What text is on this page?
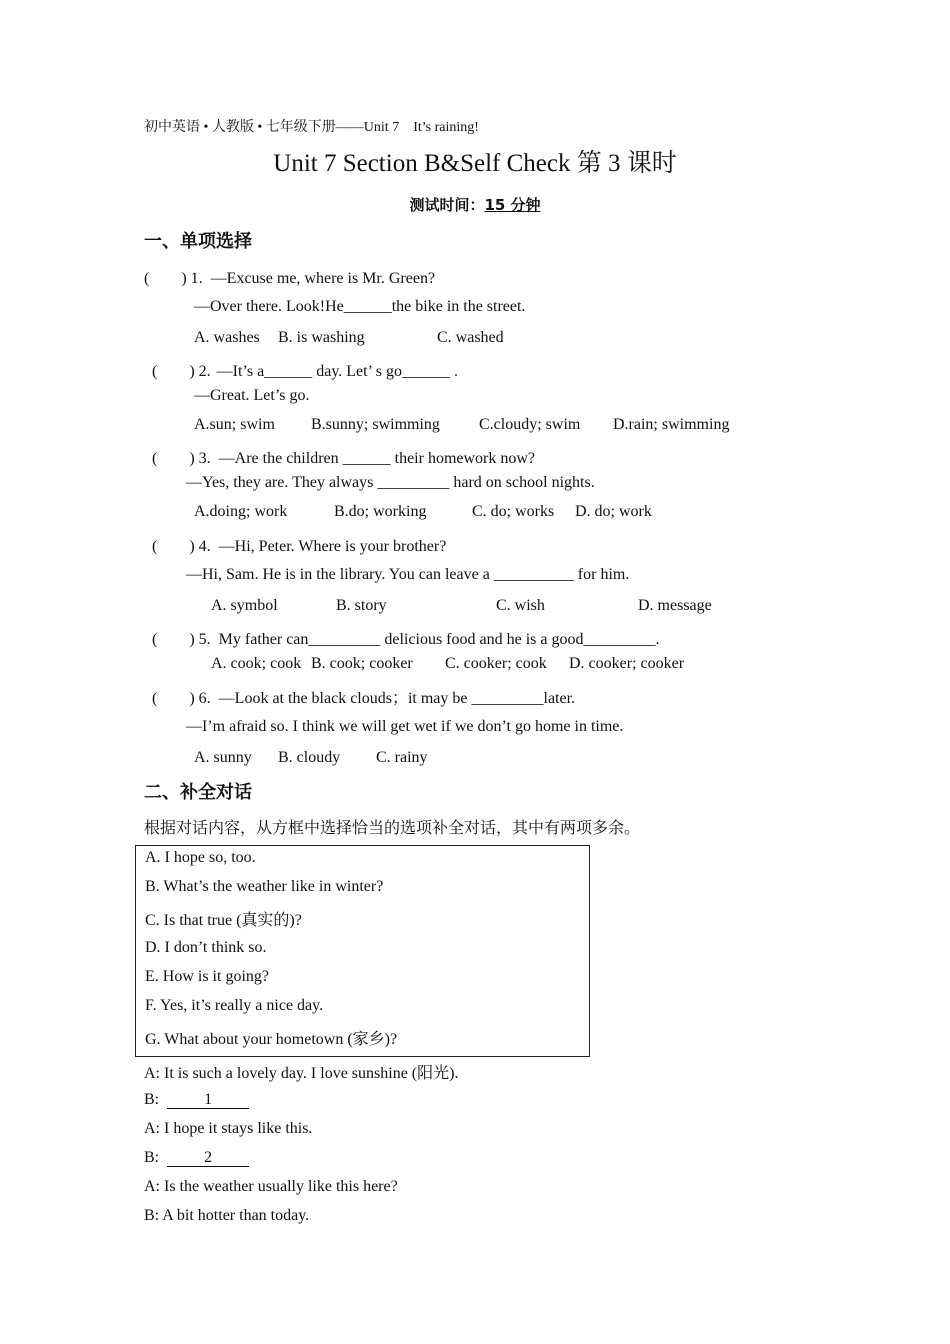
初中英语 • 人教版 • 七年级下册——Unit 7　It’s raining!
Unit 7 Section B&Self Check 第 3 课时
测试时间：15 分钟
一、单项选择
(　　) 1. —Excuse me, where is Mr. Green?
—Over there. Look!He______the bike in the street.
A. washes B. is washing	C. washed
(　　) 2. —It’s a______ day. Let’ s go______ .
—Great. Let’s go.
A.sun; swim B.sunny; swimming C.cloudy; swim D.rain; swimming
(　　) 3. —Are the children ______ their homework now?
—Yes, they are. They always _________ hard on school nights.
A.doing; work	B.do; working	C. do; works D. do; work
(　　) 4. —Hi, Peter. Where is your brother?
—Hi, Sam. He is in the library. You can leave a __________ for him.
A. symbol	B. story	C. wish	D. message
(　　) 5. My father can_________ delicious food and he is a good_________.
A. cook; cook B. cook; cooker C. cooker; cook D. cooker; cooker
(　　) 6. —Look at the black clouds；it may be _________later.
—I’m afraid so. I think we will get wet if we don’t go home in time.
A. sunny B. cloudy C. rainy
二、补全对话
根据对话内容，从方框中选择恰当的选项补全对话，其中有两项多余。
A. I hope so, too.
B. What’s the weather like in winter?
C. Is that true (真实的)?
D. I don’t think so.
E. How is it going?
F. Yes, it’s really a nice day.
G. What about your hometown (家乡)?
A: It is such a lovely day. I love sunshine (阳光).
B:	1
A: I hope it stays like this.
B:	2
A: Is the weather usually like this here?
B: A bit hotter than today.
